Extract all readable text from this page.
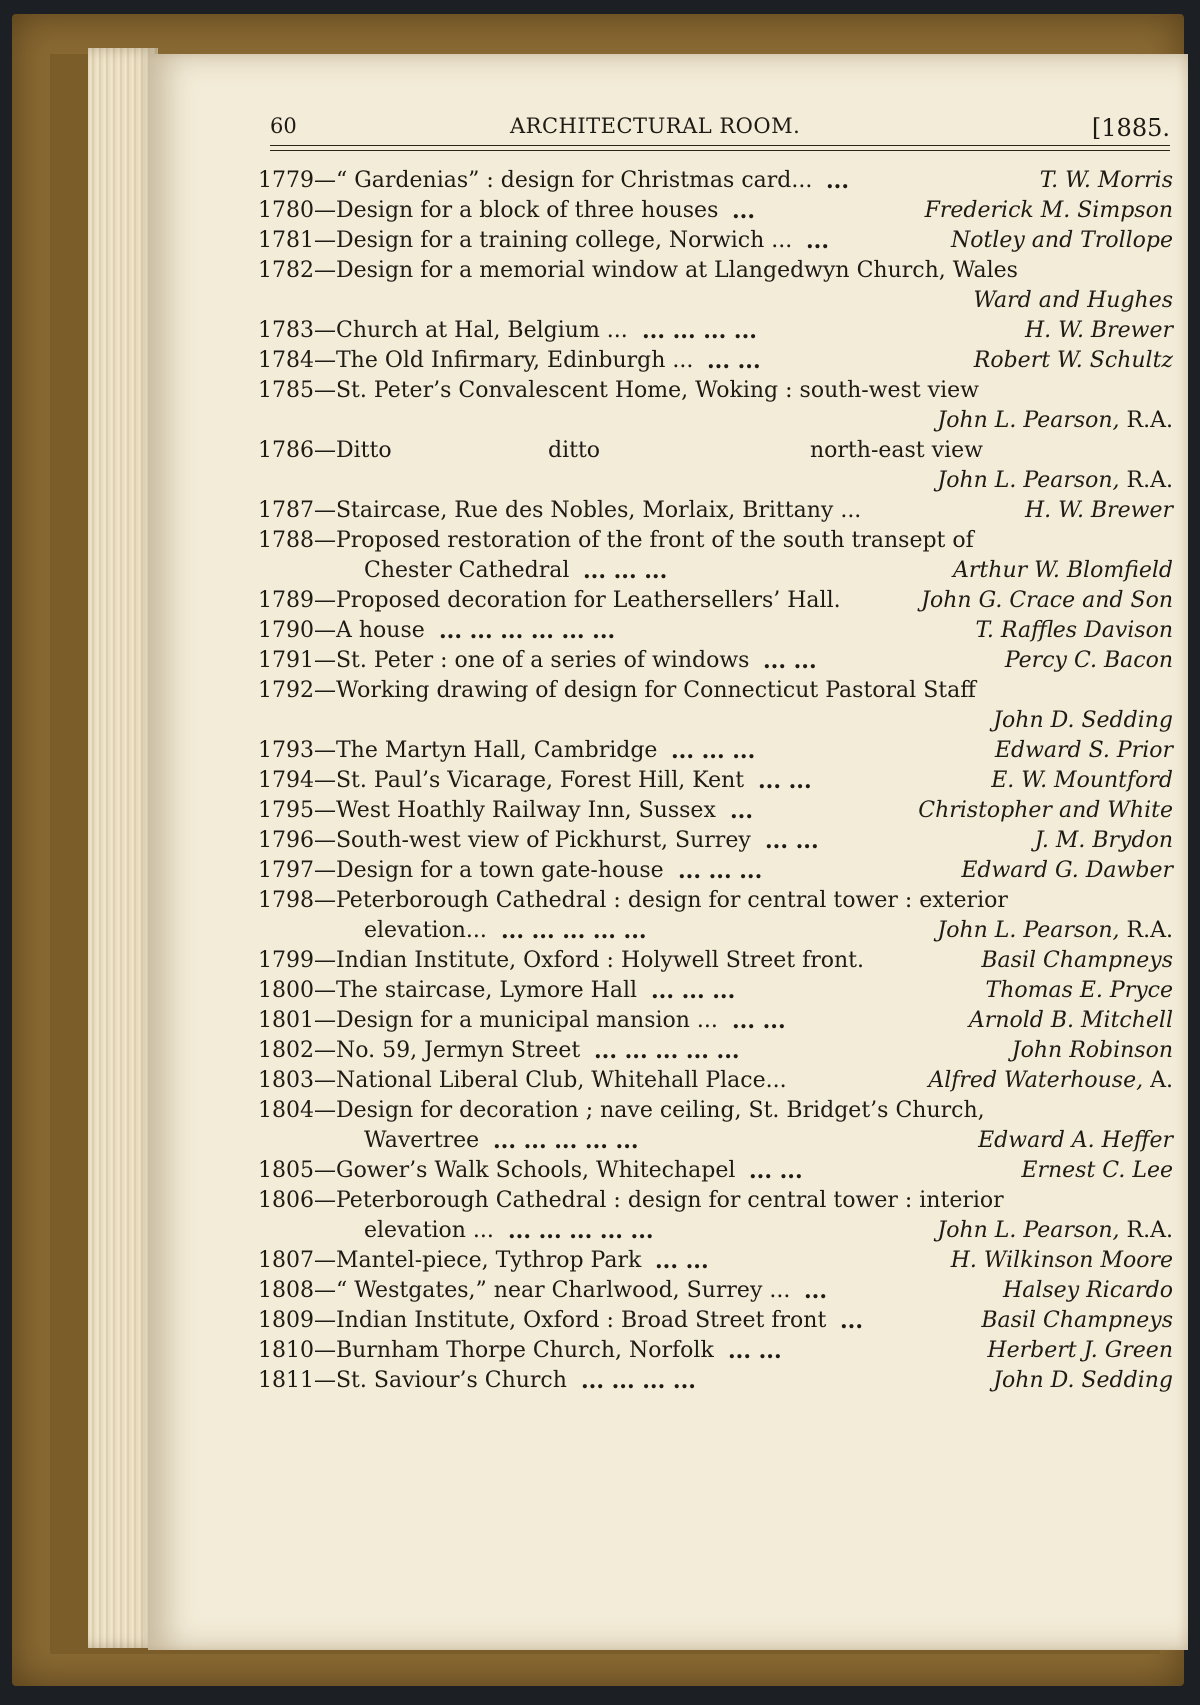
60	ARCHITECTURAL ROOM.	[1885.
1779—“ Gardenias” : design for Christmas card... ...	T. W. Morris
1780—Design for a block of three houses ...	Frederick M. Simpson
1781—Design for a training college, Norwich ... ...	Notley and Trollope
1782—Design for a memorial window at Llangedwyn Church, Wales
Ward and Hughes
1783—Church at Hal, Belgium ... ... ... ... ...	H. W. Brewer
1784—The Old Infirmary, Edinburgh ... ... ...	Robert W. Schultz
1785—St. Peter’s Convalescent Home, Woking : south-west view
John L. Pearson, R.A.
1786—Ditto	ditto	north-east view
John L. Pearson, R.A.
1787—Staircase, Rue des Nobles, Morlaix, Brittany ...	H. W. Brewer
1788—Proposed restoration of the front of the south transept of
Chester Cathedral ... ... ...	Arthur W. Blomfield
1789—Proposed decoration for Leathersellers’ Hall.	John G. Crace and Son
1790—A house ... ... ... ... ... ...	T. Raffles Davison
1791—St. Peter : one of a series of windows ... ...	Percy C. Bacon
1792—Working drawing of design for Connecticut Pastoral Staff
John D. Sedding
1793—The Martyn Hall, Cambridge ... ... ...	Edward S. Prior
1794—St. Paul’s Vicarage, Forest Hill, Kent ... ...	E. W. Mountford
1795—West Hoathly Railway Inn, Sussex ...	Christopher and White
1796—South-west view of Pickhurst, Surrey ... ...	J. M. Brydon
1797—Design for a town gate-house ... ... ...	Edward G. Dawber
1798—Peterborough Cathedral : design for central tower : exterior
elevation... ... ... ... ... ...	John L. Pearson, R.A.
1799—Indian Institute, Oxford : Holywell Street front.	Basil Champneys
1800—The staircase, Lymore Hall ... ... ...	Thomas E. Pryce
1801—Design for a municipal mansion ... ... ...	Arnold B. Mitchell
1802—No. 59, Jermyn Street ... ... ... ... ...	John Robinson
1803—National Liberal Club, Whitehall Place...	Alfred Waterhouse, A.
1804—Design for decoration ; nave ceiling, St. Bridget’s Church,
Wavertree ... ... ... ... ...	Edward A. Heffer
1805—Gower’s Walk Schools, Whitechapel ... ...	Ernest C. Lee
1806—Peterborough Cathedral : design for central tower : interior
elevation ... ... ... ... ... ...	John L. Pearson, R.A.
1807—Mantel-piece, Tythrop Park ... ...	H. Wilkinson Moore
1808—“ Westgates,” near Charlwood, Surrey ... ...	Halsey Ricardo
1809—Indian Institute, Oxford : Broad Street front ...	Basil Champneys
1810—Burnham Thorpe Church, Norfolk ... ...	Herbert J. Green
1811—St. Saviour’s Church ... ... ... ...	John D. Sedding
